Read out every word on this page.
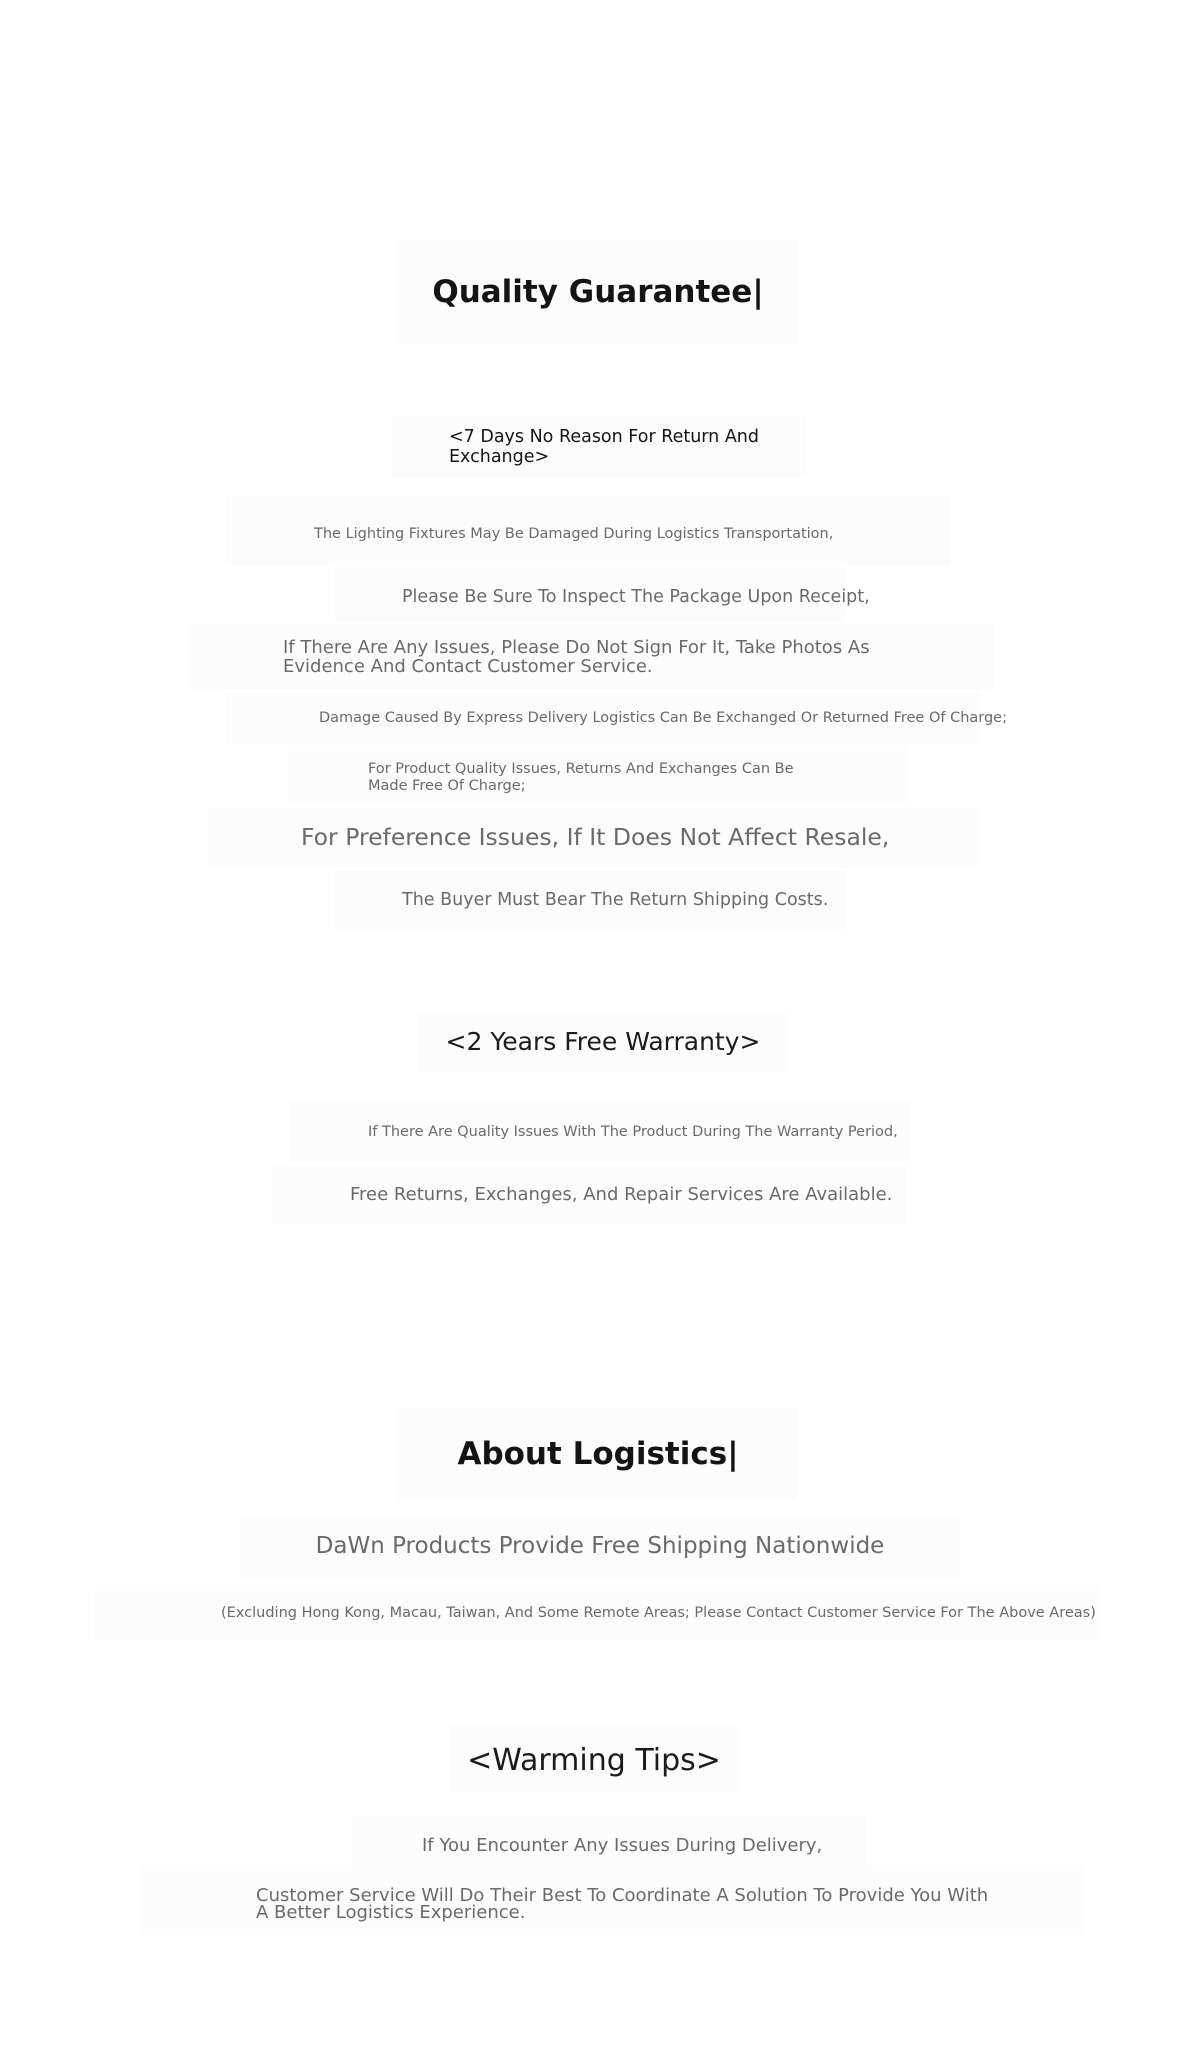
Quality Guarantee|
<7 Days No Reason For Return And Exchange>
The Lighting Fixtures May Be Damaged During Logistics Transportation,
Please Be Sure To Inspect The Package Upon Receipt,
If There Are Any Issues, Please Do Not Sign For It, Take Photos As Evidence And Contact Customer Service.
Damage Caused By Express Delivery Logistics Can Be Exchanged Or Returned Free Of Charge;
For Product Quality Issues, Returns And Exchanges Can Be Made Free Of Charge;
For Preference Issues, If It Does Not Affect Resale,
The Buyer Must Bear The Return Shipping Costs.
<2 Years Free Warranty>
If There Are Quality Issues With The Product During The Warranty Period,
Free Returns, Exchanges, And Repair Services Are Available.
About Logistics|
DaWn Products Provide Free Shipping Nationwide
(Excluding Hong Kong, Macau, Taiwan, And Some Remote Areas; Please Contact Customer Service For The Above Areas)
<Warming Tips>
If You Encounter Any Issues During Delivery,
Customer Service Will Do Their Best To Coordinate A Solution To Provide You With A Better Logistics Experience.
